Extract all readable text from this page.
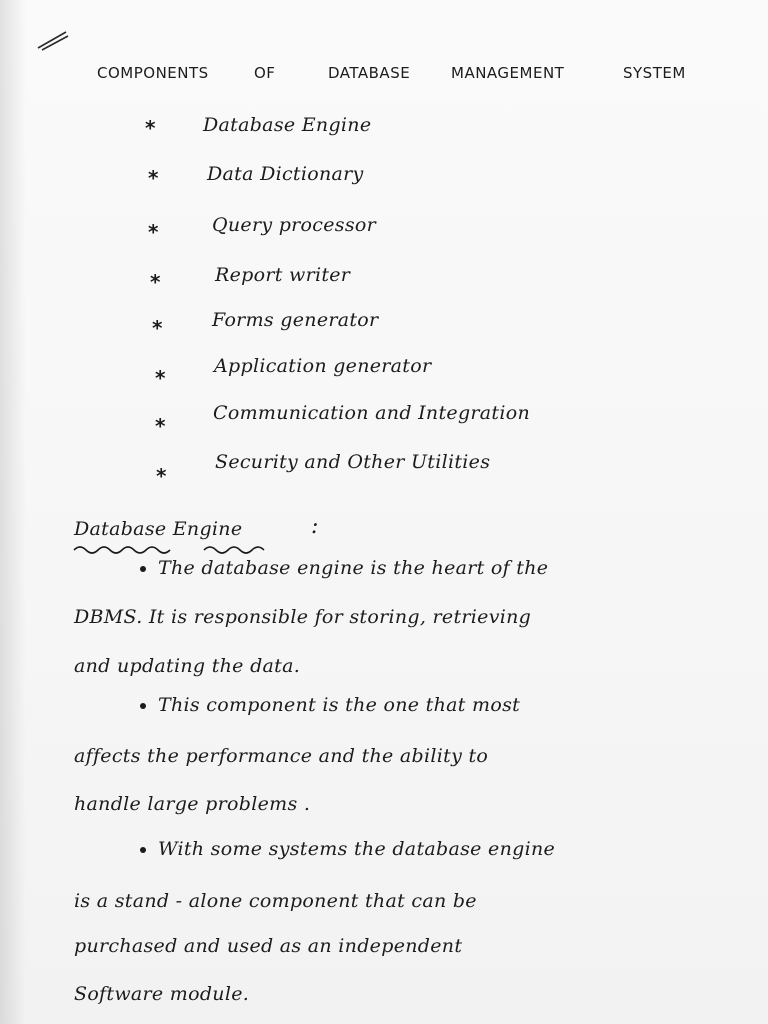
COMPONENTS	OF	DATABASE	MANAGEMENT	SYSTEM
*	Database Engine
*	Data Dictionary
*	Query processor
*	Report writer
*	Forms generator
*	Application generator
*
Communication and Integration
*
Security and Other Utilities
Database Engine	:
The database engine is the heart of the
DBMS. It is responsible for storing, retrieving
and updating the data.
This component is the one that most
affects the performance and the ability to
handle large problems .
With some systems the database engine
is a stand - alone component that can be
purchased and used as an independent
Software module.
